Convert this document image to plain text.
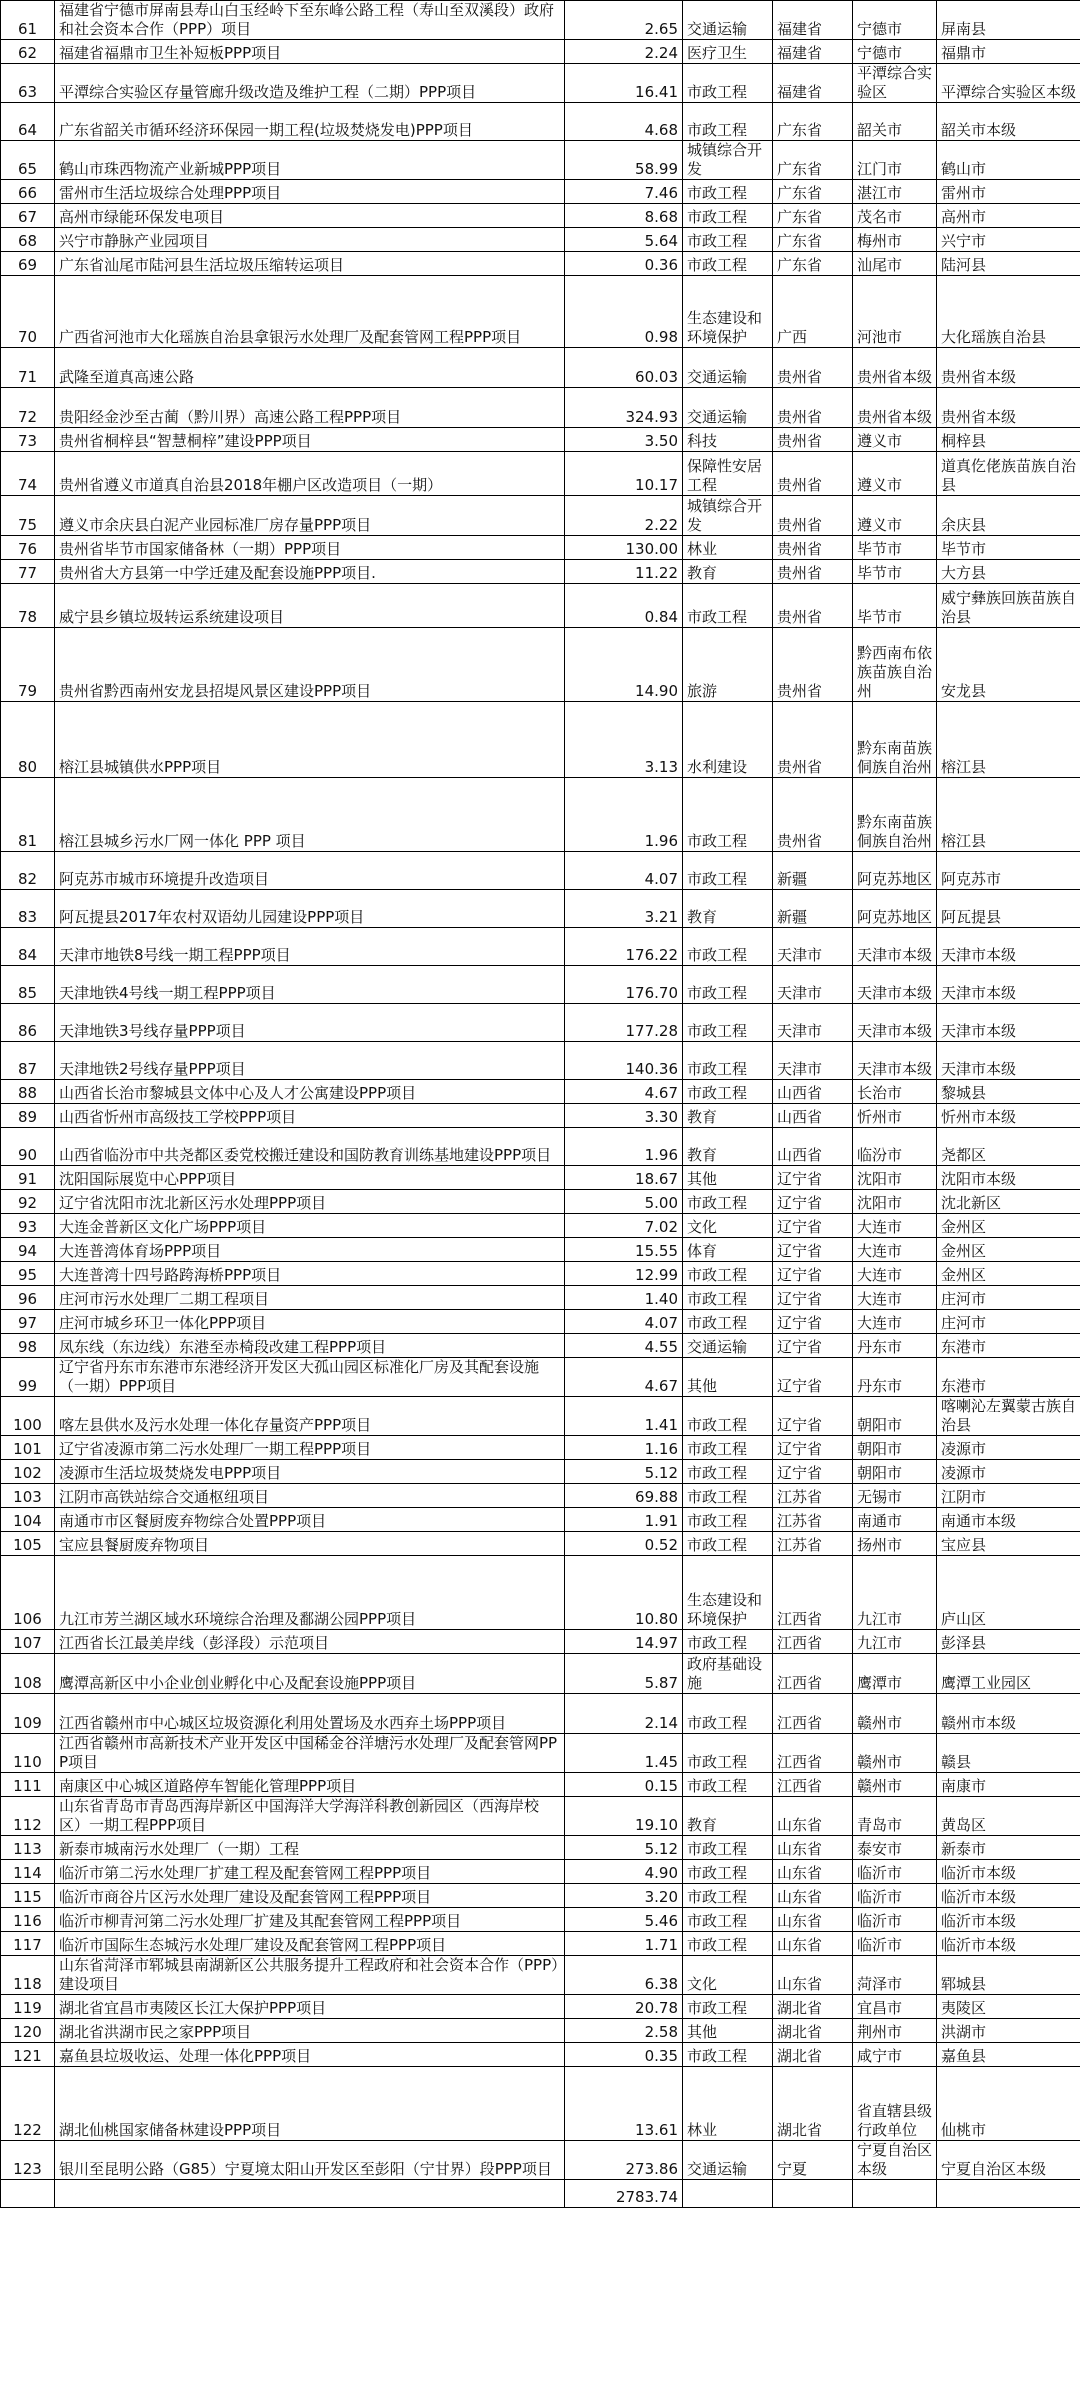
61	福建省宁德市屏南县寿山白玉经岭下至东峰公路工程（寿山至双溪段）政府和社会资本合作（PPP）项目	2.65	交通运输	福建省	宁德市	屏南县
62	福建省福鼎市卫生补短板PPP项目	2.24	医疗卫生	福建省	宁德市	福鼎市
63	平潭综合实验区存量管廊升级改造及维护工程（二期）PPP项目	16.41	市政工程	福建省	平潭综合实验区	平潭综合实验区本级
64	广东省韶关市循环经济环保园一期工程(垃圾焚烧发电)PPP项目	4.68	市政工程	广东省	韶关市	韶关市本级
65	鹤山市珠西物流产业新城PPP项目	58.99	城镇综合开发	广东省	江门市	鹤山市
66	雷州市生活垃圾综合处理PPP项目	7.46	市政工程	广东省	湛江市	雷州市
67	高州市绿能环保发电项目	8.68	市政工程	广东省	茂名市	高州市
68	兴宁市静脉产业园项目	5.64	市政工程	广东省	梅州市	兴宁市
69	广东省汕尾市陆河县生活垃圾压缩转运项目	0.36	市政工程	广东省	汕尾市	陆河县
70	广西省河池市大化瑶族自治县拿银污水处理厂及配套管网工程PPP项目	0.98	生态建设和环境保护	广西	河池市	大化瑶族自治县
71	武隆至道真高速公路	60.03	交通运输	贵州省	贵州省本级	贵州省本级
72	贵阳经金沙至古蔺（黔川界）高速公路工程PPP项目	324.93	交通运输	贵州省	贵州省本级	贵州省本级
73	贵州省桐梓县“智慧桐梓”建设PPP项目	3.50	科技	贵州省	遵义市	桐梓县
74	贵州省遵义市道真自治县2018年棚户区改造项目（一期）	10.17	保障性安居工程	贵州省	遵义市	道真仡佬族苗族自治县
75	遵义市余庆县白泥产业园标准厂房存量PPP项目	2.22	城镇综合开发	贵州省	遵义市	余庆县
76	贵州省毕节市国家储备林（一期）PPP项目	130.00	林业	贵州省	毕节市	毕节市
77	贵州省大方县第一中学迁建及配套设施PPP项目.	11.22	教育	贵州省	毕节市	大方县
78	威宁县乡镇垃圾转运系统建设项目	0.84	市政工程	贵州省	毕节市	威宁彝族回族苗族自治县
79	贵州省黔西南州安龙县招堤风景区建设PPP项目	14.90	旅游	贵州省	黔西南布依族苗族自治州	安龙县
80	榕江县城镇供水PPP项目	3.13	水利建设	贵州省	黔东南苗族侗族自治州	榕江县
81	榕江县城乡污水厂网一体化 PPP 项目	1.96	市政工程	贵州省	黔东南苗族侗族自治州	榕江县
82	阿克苏市城市环境提升改造项目	4.07	市政工程	新疆	阿克苏地区	阿克苏市
83	阿瓦提县2017年农村双语幼儿园建设PPP项目	3.21	教育	新疆	阿克苏地区	阿瓦提县
84	天津市地铁8号线一期工程PPP项目	176.22	市政工程	天津市	天津市本级	天津市本级
85	天津地铁4号线一期工程PPP项目	176.70	市政工程	天津市	天津市本级	天津市本级
86	天津地铁3号线存量PPP项目	177.28	市政工程	天津市	天津市本级	天津市本级
87	天津地铁2号线存量PPP项目	140.36	市政工程	天津市	天津市本级	天津市本级
88	山西省长治市黎城县文体中心及人才公寓建设PPP项目	4.67	市政工程	山西省	长治市	黎城县
89	山西省忻州市高级技工学校PPP项目	3.30	教育	山西省	忻州市	忻州市本级
90	山西省临汾市中共尧都区委党校搬迁建设和国防教育训练基地建设PPP项目	1.96	教育	山西省	临汾市	尧都区
91	沈阳国际展览中心PPP项目	18.67	其他	辽宁省	沈阳市	沈阳市本级
92	辽宁省沈阳市沈北新区污水处理PPP项目	5.00	市政工程	辽宁省	沈阳市	沈北新区
93	大连金普新区文化广场PPP项目	7.02	文化	辽宁省	大连市	金州区
94	大连普湾体育场PPP项目	15.55	体育	辽宁省	大连市	金州区
95	大连普湾十四号路跨海桥PPP项目	12.99	市政工程	辽宁省	大连市	金州区
96	庄河市污水处理厂二期工程项目	1.40	市政工程	辽宁省	大连市	庄河市
97	庄河市城乡环卫一体化PPP项目	4.07	市政工程	辽宁省	大连市	庄河市
98	凤东线（东边线）东港至赤椅段改建工程PPP项目	4.55	交通运输	辽宁省	丹东市	东港市
99	辽宁省丹东市东港市东港经济开发区大孤山园区标准化厂房及其配套设施（一期）PPP项目	4.67	其他	辽宁省	丹东市	东港市
100	喀左县供水及污水处理一体化存量资产PPP项目	1.41	市政工程	辽宁省	朝阳市	喀喇沁左翼蒙古族自治县
101	辽宁省凌源市第二污水处理厂一期工程PPP项目	1.16	市政工程	辽宁省	朝阳市	凌源市
102	凌源市生活垃圾焚烧发电PPP项目	5.12	市政工程	辽宁省	朝阳市	凌源市
103	江阴市高铁站综合交通枢纽项目	69.88	市政工程	江苏省	无锡市	江阴市
104	南通市市区餐厨废弃物综合处置PPP项目	1.91	市政工程	江苏省	南通市	南通市本级
105	宝应县餐厨废弃物项目	0.52	市政工程	江苏省	扬州市	宝应县
106	九江市芳兰湖区域水环境综合治理及鄱湖公园PPP项目	10.80	生态建设和环境保护	江西省	九江市	庐山区
107	江西省长江最美岸线（彭泽段）示范项目	14.97	市政工程	江西省	九江市	彭泽县
108	鹰潭高新区中小企业创业孵化中心及配套设施PPP项目	5.87	政府基础设施	江西省	鹰潭市	鹰潭工业园区
109	江西省赣州市中心城区垃圾资源化利用处置场及水西弃土场PPP项目	2.14	市政工程	江西省	赣州市	赣州市本级
110	江西省赣州市高新技术产业开发区中国稀金谷洋塘污水处理厂及配套管网PPP项目	1.45	市政工程	江西省	赣州市	赣县
111	南康区中心城区道路停车智能化管理PPP项目	0.15	市政工程	江西省	赣州市	南康市
112	山东省青岛市青岛西海岸新区中国海洋大学海洋科教创新园区（西海岸校区）一期工程PPP项目	19.10	教育	山东省	青岛市	黄岛区
113	新泰市城南污水处理厂（一期）工程	5.12	市政工程	山东省	泰安市	新泰市
114	临沂市第二污水处理厂扩建工程及配套管网工程PPP项目	4.90	市政工程	山东省	临沂市	临沂市本级
115	临沂市商谷片区污水处理厂建设及配套管网工程PPP项目	3.20	市政工程	山东省	临沂市	临沂市本级
116	临沂市柳青河第二污水处理厂扩建及其配套管网工程PPP项目	5.46	市政工程	山东省	临沂市	临沂市本级
117	临沂市国际生态城污水处理厂建设及配套管网工程PPP项目	1.71	市政工程	山东省	临沂市	临沂市本级
118	山东省菏泽市郓城县南湖新区公共服务提升工程政府和社会资本合作（PPP）建设项目	6.38	文化	山东省	菏泽市	郓城县
119	湖北省宜昌市夷陵区长江大保护PPP项目	20.78	市政工程	湖北省	宜昌市	夷陵区
120	湖北省洪湖市民之家PPP项目	2.58	其他	湖北省	荆州市	洪湖市
121	嘉鱼县垃圾收运、处理一体化PPP项目	0.35	市政工程	湖北省	咸宁市	嘉鱼县
122	湖北仙桃国家储备林建设PPP项目	13.61	林业	湖北省	省直辖县级行政单位	仙桃市
123	银川至昆明公路（G85）宁夏境太阳山开发区至彭阳（宁甘界）段PPP项目	273.86	交通运输	宁夏	宁夏自治区本级	宁夏自治区本级
		2783.74				
